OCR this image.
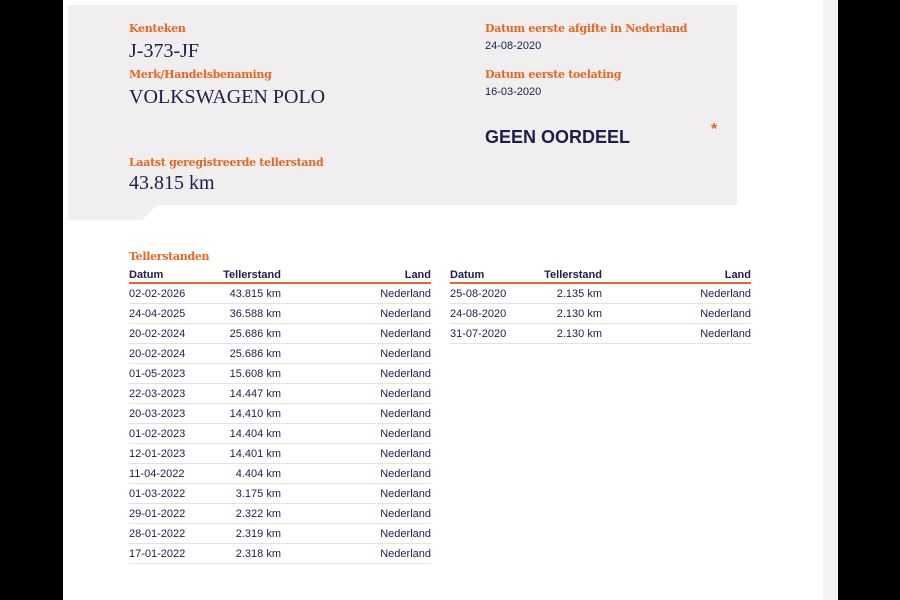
Kenteken
J-373-JF
Merk/Handelsbenaming
VOLKSWAGEN POLO
Laatst geregistreerde tellerstand
43.815 km
Datum eerste afgifte in Nederland
24-08-2020
Datum eerste toelating
16-03-2020
GEEN OORDEEL	*
Tellerstanden
Datum	Tellerstand	Land
02-02-2026	43.815 km	Nederland
24-04-2025	36.588 km	Nederland
20-02-2024	25.686 km	Nederland
20-02-2024	25.686 km	Nederland
01-05-2023	15.608 km	Nederland
22-03-2023	14.447 km	Nederland
20-03-2023	14.410 km	Nederland
01-02-2023	14.404 km	Nederland
12-01-2023	14.401 km	Nederland
11-04-2022	4.404 km	Nederland
01-03-2022	3.175 km	Nederland
29-01-2022	2.322 km	Nederland
28-01-2022	2.319 km	Nederland
17-01-2022	2.318 km	Nederland
Datum	Tellerstand	Land
25-08-2020	2.135 km	Nederland
24-08-2020	2.130 km	Nederland
31-07-2020	2.130 km	Nederland
